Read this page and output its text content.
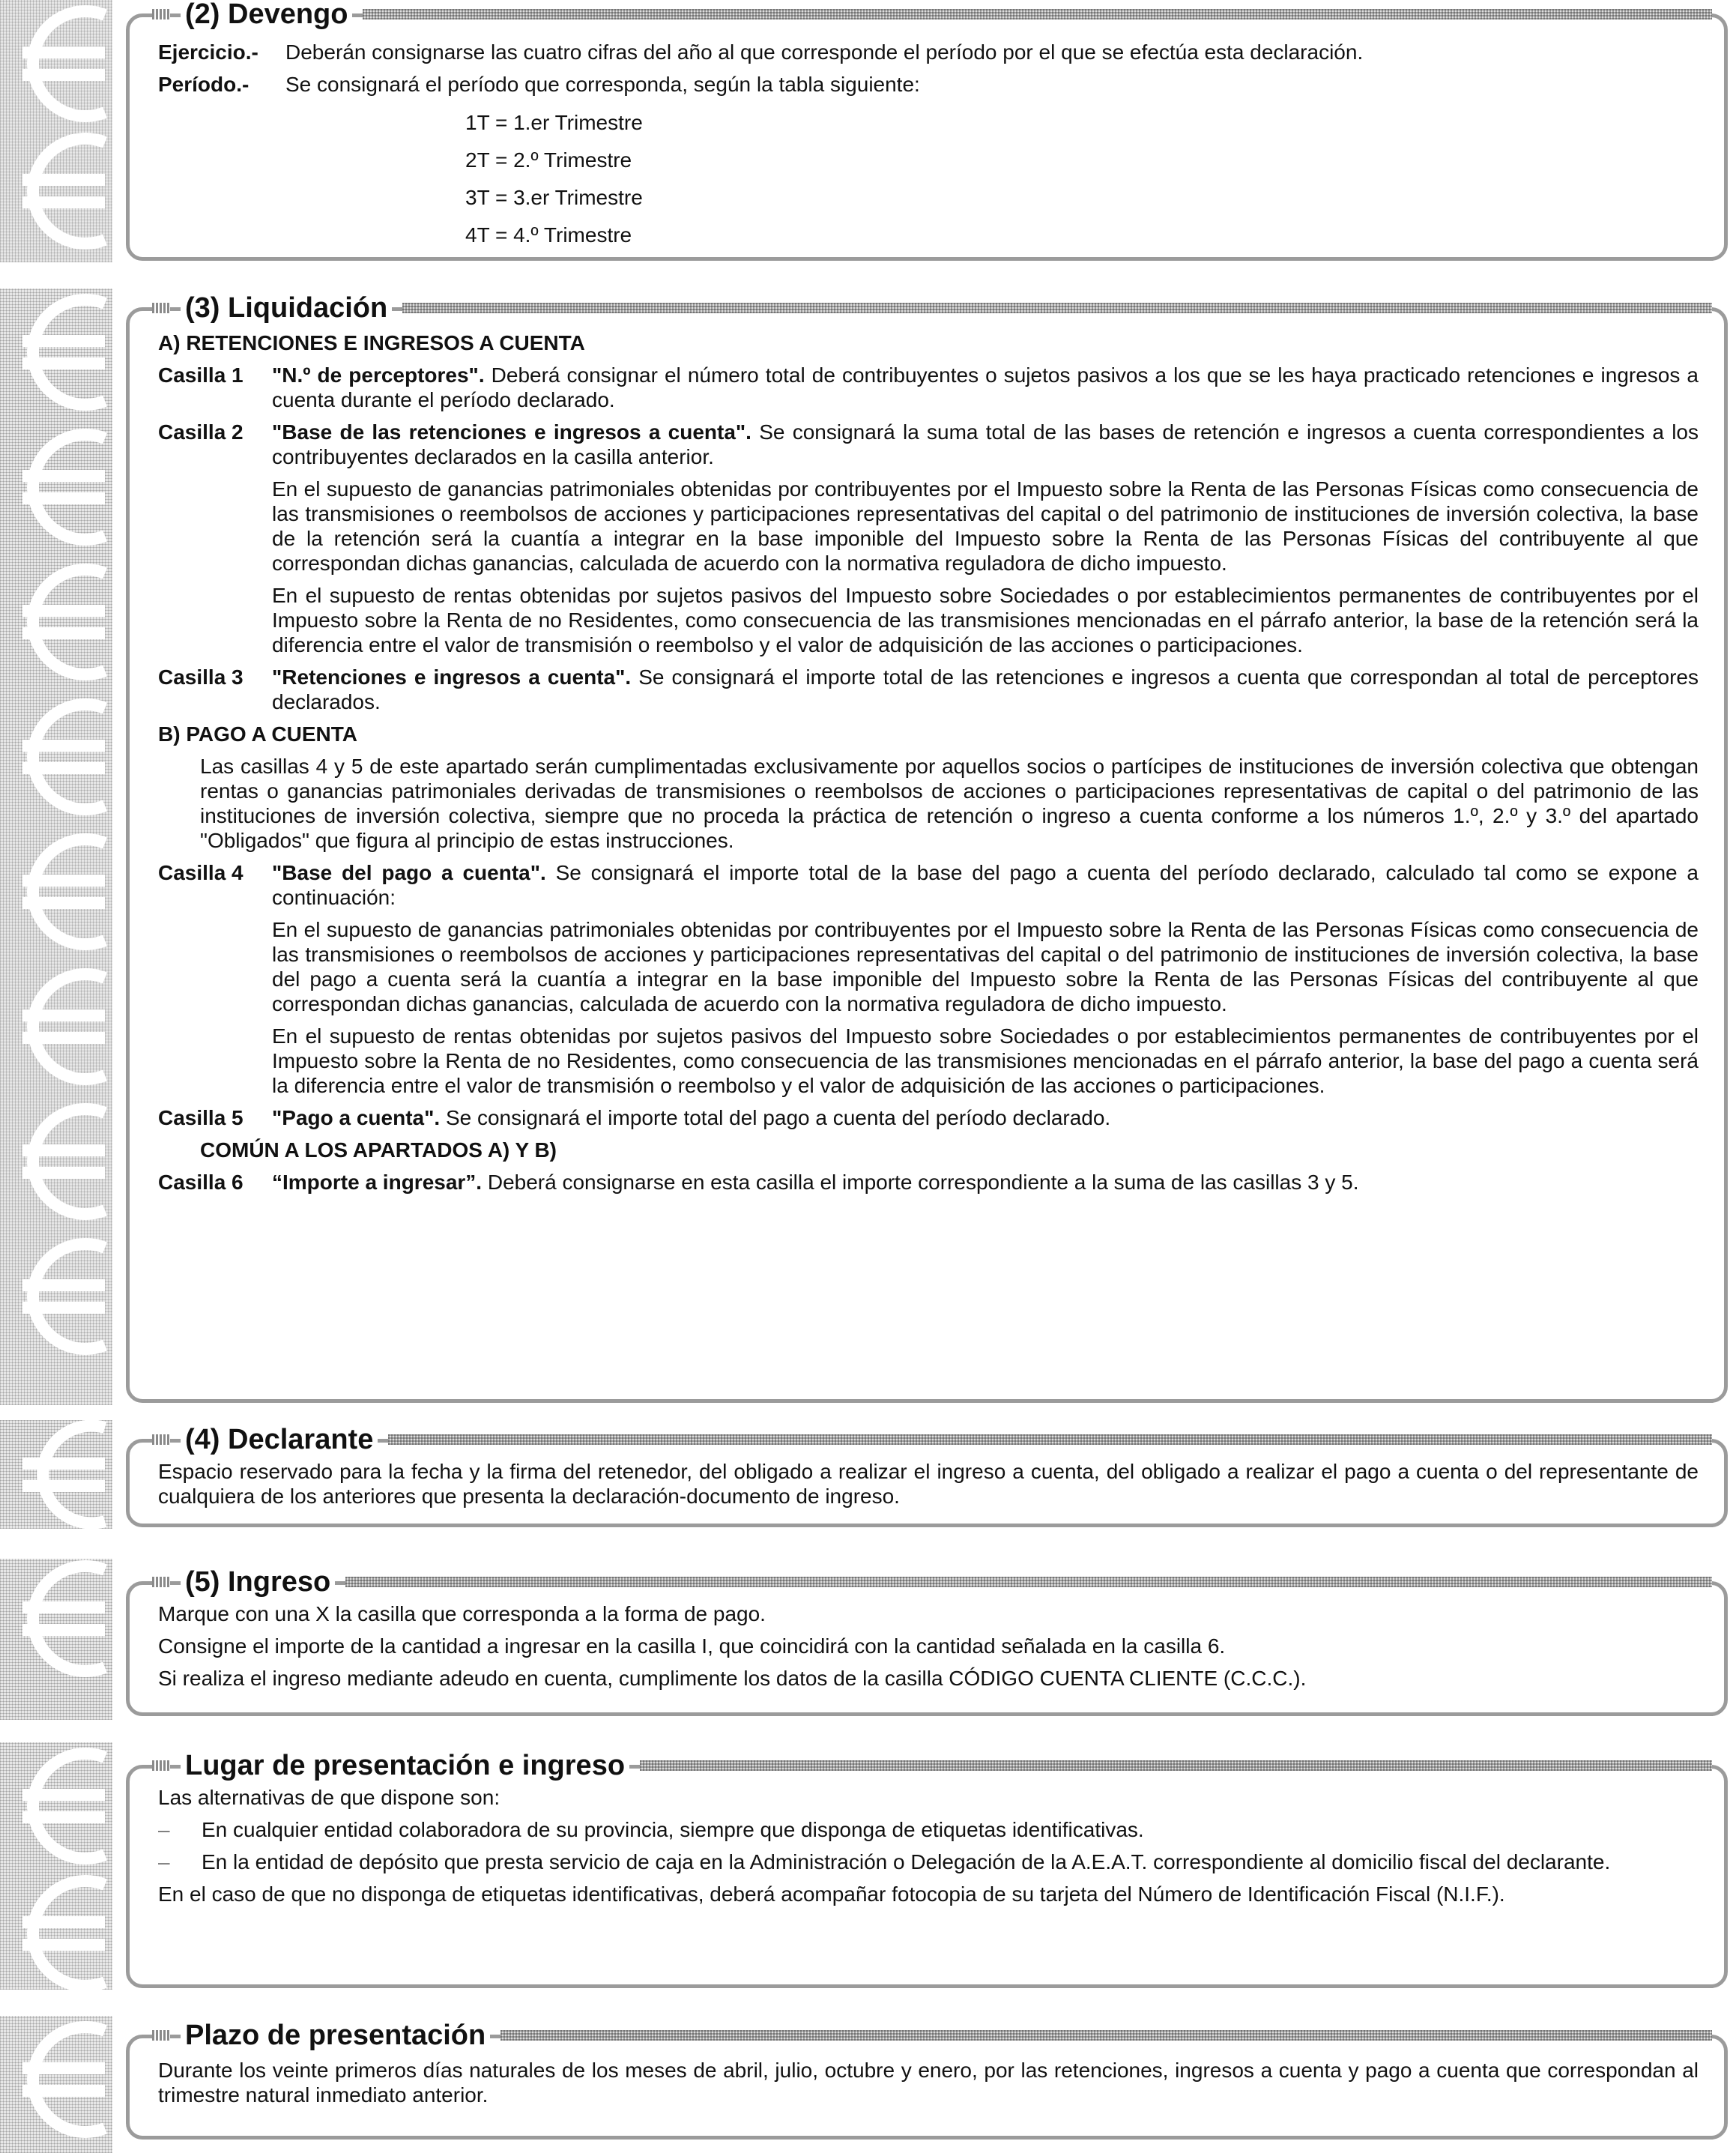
(2) Devengo
Ejercicio.-	Deberán consignarse las cuatro cifras del año al que corresponde el período por el que se efectúa esta declaración.
Período.-	Se consignará el período que corresponda, según la tabla siguiente:
1T = 1.er Trimestre
2T = 2.º Trimestre
3T = 3.er Trimestre
4T = 4.º Trimestre
(3) Liquidación
A) RETENCIONES E INGRESOS A CUENTA
Casilla 1	"N.º de perceptores". Deberá consignar el número total de contribuyentes o sujetos pasivos a los que se les haya practicado retenciones e ingresos a cuenta durante el período declarado.
Casilla 2	"Base de las retenciones e ingresos a cuenta". Se consignará la suma total de las bases de retención e ingresos a cuenta correspondientes a los contribuyentes declarados en la casilla anterior.
En el supuesto de ganancias patrimoniales obtenidas por contribuyentes por el Impuesto sobre la Renta de las Personas Físicas como consecuencia de las transmisiones o reembolsos de acciones y participaciones representativas del capital o del patrimonio de instituciones de inversión colectiva, la base de la retención será la cuantía a integrar en la base imponible del Impuesto sobre la Renta de las Personas Físicas del contribuyente al que correspondan dichas ganancias, calculada de acuerdo con la normativa reguladora de dicho impuesto.
En el supuesto de rentas obtenidas por sujetos pasivos del Impuesto sobre Sociedades o por establecimientos permanentes de contribuyentes por el Impuesto sobre la Renta de no Residentes, como consecuencia de las transmisiones mencionadas en el párrafo anterior, la base de la retención será la diferencia entre el valor de transmisión o reembolso y el valor de adquisición de las acciones o participaciones.
Casilla 3	"Retenciones e ingresos a cuenta". Se consignará el importe total de las retenciones e ingresos a cuenta que correspondan al total de perceptores declarados.
B) PAGO A CUENTA
Las casillas 4 y 5 de este apartado serán cumplimentadas exclusivamente por aquellos socios o partícipes de instituciones de inversión colectiva que obtengan rentas o ganancias patrimoniales derivadas de transmisiones o reembolsos de acciones o participaciones representativas de capital o del patrimonio de las instituciones de inversión colectiva, siempre que no proceda la práctica de retención o ingreso a cuenta conforme a los números 1.º, 2.º y 3.º del apartado "Obligados" que figura al principio de estas instrucciones.
Casilla 4	"Base del pago a cuenta". Se consignará el importe total de la base del pago a cuenta del período declarado, calculado tal como se expone a continuación:
En el supuesto de ganancias patrimoniales obtenidas por contribuyentes por el Impuesto sobre la Renta de las Personas Físicas como consecuencia de las transmisiones o reembolsos de acciones y participaciones representativas del capital o del patrimonio de instituciones de inversión colectiva, la base del pago a cuenta será la cuantía a integrar en la base imponible del Impuesto sobre la Renta de las Personas Físicas del contribuyente al que correspondan dichas ganancias, calculada de acuerdo con la normativa reguladora de dicho impuesto.
En el supuesto de rentas obtenidas por sujetos pasivos del Impuesto sobre Sociedades o por establecimientos permanentes de contribuyentes por el Impuesto sobre la Renta de no Residentes, como consecuencia de las transmisiones mencionadas en el párrafo anterior, la base del pago a cuenta será la diferencia entre el valor de transmisión o reembolso y el valor de adquisición de las acciones o participaciones.
Casilla 5	"Pago a cuenta". Se consignará el importe total del pago a cuenta del período declarado.
COMÚN A LOS APARTADOS A) Y B)
Casilla 6	“Importe a ingresar”. Deberá consignarse en esta casilla el importe correspondiente a la suma de las casillas 3 y 5.
(4) Declarante
Espacio reservado para la fecha y la firma del retenedor, del obligado a realizar el ingreso a cuenta, del obligado a realizar el pago a cuenta o del representante de cualquiera de los anteriores que presenta la declaración-documento de ingreso.
(5) Ingreso
Marque con una X la casilla que corresponda a la forma de pago.
Consigne el importe de la cantidad a ingresar en la casilla I, que coincidirá con la cantidad señalada en la casilla 6.
Si realiza el ingreso mediante adeudo en cuenta, cumplimente los datos de la casilla CÓDIGO CUENTA CLIENTE (C.C.C.).
Lugar de presentación e ingreso
Las alternativas de que dispone son:
–	En cualquier entidad colaboradora de su provincia, siempre que disponga de etiquetas identificativas.
–	En la entidad de depósito que presta servicio de caja en la Administración o Delegación de la A.E.A.T. correspondiente al domicilio fiscal del declarante.
En el caso de que no disponga de etiquetas identificativas, deberá acompañar fotocopia de su tarjeta del Número de Identificación Fiscal (N.I.F.).
Plazo de presentación
Durante los veinte primeros días naturales de los meses de abril, julio, octubre y enero, por las retenciones, ingresos a cuenta y pago a cuenta que correspondan al trimestre natural inmediato anterior.
